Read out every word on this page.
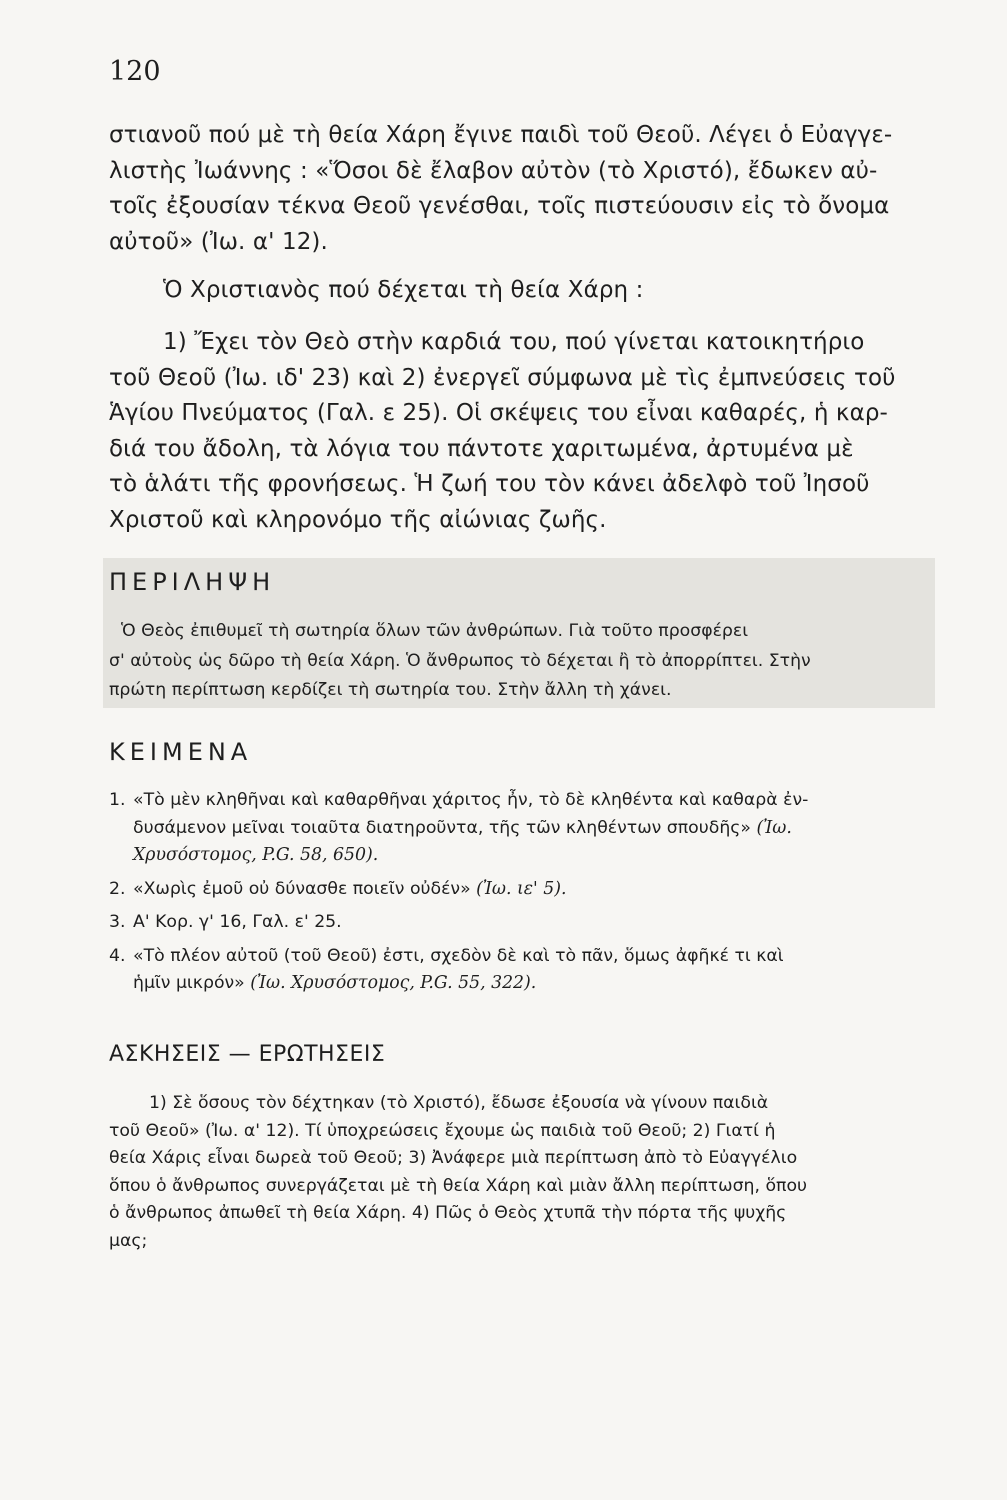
120
στιανοῦ πού μὲ τὴ θεία Χάρη ἔγινε παιδὶ τοῦ Θεοῦ. Λέγει ὁ Εὐαγγε-
λιστὴς Ἰωάννης : «Ὅσοι δὲ ἔλαβον αὐτὸν (τὸ Χριστό), ἔδωκεν αὐ-
τοῖς ἐξουσίαν τέκνα Θεοῦ γενέσθαι, τοῖς πιστεύουσιν εἰς τὸ ὄνομα
αὐτοῦ» (Ἰω. α' 12).
Ὁ Χριστιανὸς πού δέχεται τὴ θεία Χάρη :
1) Ἔχει τὸν Θεὸ στὴν καρδιά του, πού γίνεται κατοικητήριο
τοῦ Θεοῦ (Ἰω. ιδ' 23) καὶ 2) ἐνεργεῖ σύμφωνα μὲ τὶς ἐμπνεύσεις τοῦ
Ἁγίου Πνεύματος (Γαλ. ε 25). Οἱ σκέψεις του εἶναι καθαρές, ἡ καρ-
διά του ἄδολη, τὰ λόγια του πάντοτε χαριτωμένα, ἀρτυμένα μὲ
τὸ ἁλάτι τῆς φρονήσεως. Ἡ ζωή του τὸν κάνει ἀδελφὸ τοῦ Ἰησοῦ
Χριστοῦ καὶ κληρονόμο τῆς αἰώνιας ζωῆς.
ΠΕΡΙΛΗΨΗ
Ὁ Θεὸς ἐπιθυμεῖ τὴ σωτηρία ὅλων τῶν ἀνθρώπων. Γιὰ τοῦτο προσφέρει
σ' αὐτοὺς ὡς δῶρο τὴ θεία Χάρη. Ὁ ἄνθρωπος τὸ δέχεται ἢ τὸ ἀπορρίπτει. Στὴν
πρώτη περίπτωση κερδίζει τὴ σωτηρία του. Στὴν ἄλλη τὴ χάνει.
ΚΕΙΜΕΝΑ
1. «Τὸ μὲν κληθῆναι καὶ καθαρθῆναι χάριτος ἦν, τὸ δὲ κληθέντα καὶ καθαρὰ ἐν-
δυσάμενον μεῖναι τοιαῦτα διατηροῦντα, τῆς τῶν κληθέντων σπουδῆς» (Ἰω.
Χρυσόστομος, P.G. 58, 650).
2. «Χωρὶς ἐμοῦ οὐ δύνασθε ποιεῖν οὐδέν» (Ἰω. ιε' 5).
3. Α' Κορ. γ' 16, Γαλ. ε' 25.
4. «Τὸ πλέον αὐτοῦ (τοῦ Θεοῦ) ἐστι, σχεδὸν δὲ καὶ τὸ πᾶν, ὅμως ἀφῆκέ τι καὶ
ἡμῖν μικρόν» (Ἰω. Χρυσόστομος, P.G. 55, 322).
ΑΣΚΗΣΕΙΣ — ΕΡΩΤΗΣΕΙΣ
1) Σὲ ὅσους τὸν δέχτηκαν (τὸ Χριστό), ἔδωσε ἐξουσία νὰ γίνουν παιδιὰ
τοῦ Θεοῦ» (Ἰω. α' 12). Τί ὑποχρεώσεις ἔχουμε ὡς παιδιὰ τοῦ Θεοῦ; 2) Γιατί ἡ
θεία Χάρις εἶναι δωρεὰ τοῦ Θεοῦ; 3) Ἀνάφερε μιὰ περίπτωση ἀπὸ τὸ Εὐαγγέλιο
ὅπου ὁ ἄνθρωπος συνεργάζεται μὲ τὴ θεία Χάρη καὶ μιὰν ἄλλη περίπτωση, ὅπου
ὁ ἄνθρωπος ἀπωθεῖ τὴ θεία Χάρη. 4) Πῶς ὁ Θεὸς χτυπᾶ τὴν πόρτα τῆς ψυχῆς
μας;
